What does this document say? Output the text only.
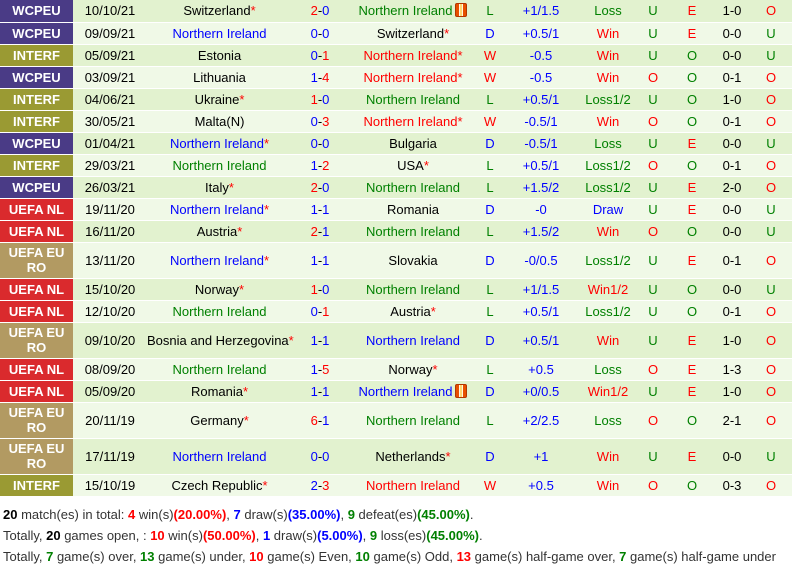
WCPEU	10/10/21	Switzerland*	2-0	Northern Ireland	L	+1/1.5	Loss	U	E	1-0	O
WCPEU	09/09/21	Northern Ireland	0-0	Switzerland*	D	+0.5/1	Win	U	E	0-0	U
INTERF	05/09/21	Estonia	0-1	Northern Ireland*	W	-0.5	Win	U	O	0-0	U
WCPEU	03/09/21	Lithuania	1-4	Northern Ireland*	W	-0.5	Win	O	O	0-1	O
INTERF	04/06/21	Ukraine*	1-0	Northern Ireland	L	+0.5/1	Loss1/2	U	O	1-0	O
INTERF	30/05/21	Malta(N)	0-3	Northern Ireland*	W	-0.5/1	Win	O	O	0-1	O
WCPEU	01/04/21	Northern Ireland*	0-0	Bulgaria	D	-0.5/1	Loss	U	E	0-0	U
INTERF	29/03/21	Northern Ireland	1-2	USA*	L	+0.5/1	Loss1/2	O	O	0-1	O
WCPEU	26/03/21	Italy*	2-0	Northern Ireland	L	+1.5/2	Loss1/2	U	E	2-0	O
UEFA NL	19/11/20	Northern Ireland*	1-1	Romania	D	-0	Draw	U	E	0-0	U
UEFA NL	16/11/20	Austria*	2-1	Northern Ireland	L	+1.5/2	Win	O	O	0-0	U
UEFA EURO	13/11/20	Northern Ireland*	1-1	Slovakia	D	-0/0.5	Loss1/2	U	E	0-1	O
UEFA NL	15/10/20	Norway*	1-0	Northern Ireland	L	+1/1.5	Win1/2	U	O	0-0	U
UEFA NL	12/10/20	Northern Ireland	0-1	Austria*	L	+0.5/1	Loss1/2	U	O	0-1	O
UEFA EURO	09/10/20	Bosnia and Herzegovina*	1-1	Northern Ireland	D	+0.5/1	Win	U	E	1-0	O
UEFA NL	08/09/20	Northern Ireland	1-5	Norway*	L	+0.5	Loss	O	E	1-3	O
UEFA NL	05/09/20	Romania*	1-1	Northern Ireland	D	+0/0.5	Win1/2	U	E	1-0	O
UEFA EURO	20/11/19	Germany*	6-1	Northern Ireland	L	+2/2.5	Loss	O	O	2-1	O
UEFA EURO	17/11/19	Northern Ireland	0-0	Netherlands*	D	+1	Win	U	E	0-0	U
INTERF	15/10/19	Czech Republic*	2-3	Northern Ireland	W	+0.5	Win	O	O	0-3	O
20 match(es) in total: 4 win(s)(20.00%), 7 draw(s)(35.00%), 9 defeat(es)(45.00%).
Totally, 20 games open, : 10 win(s)(50.00%), 1 draw(s)(5.00%), 9 loss(es)(45.00%).
Totally, 7 game(s) over, 13 game(s) under, 10 game(s) Even, 10 game(s) Odd, 13 game(s) half-game over, 7 game(s) half-game under
